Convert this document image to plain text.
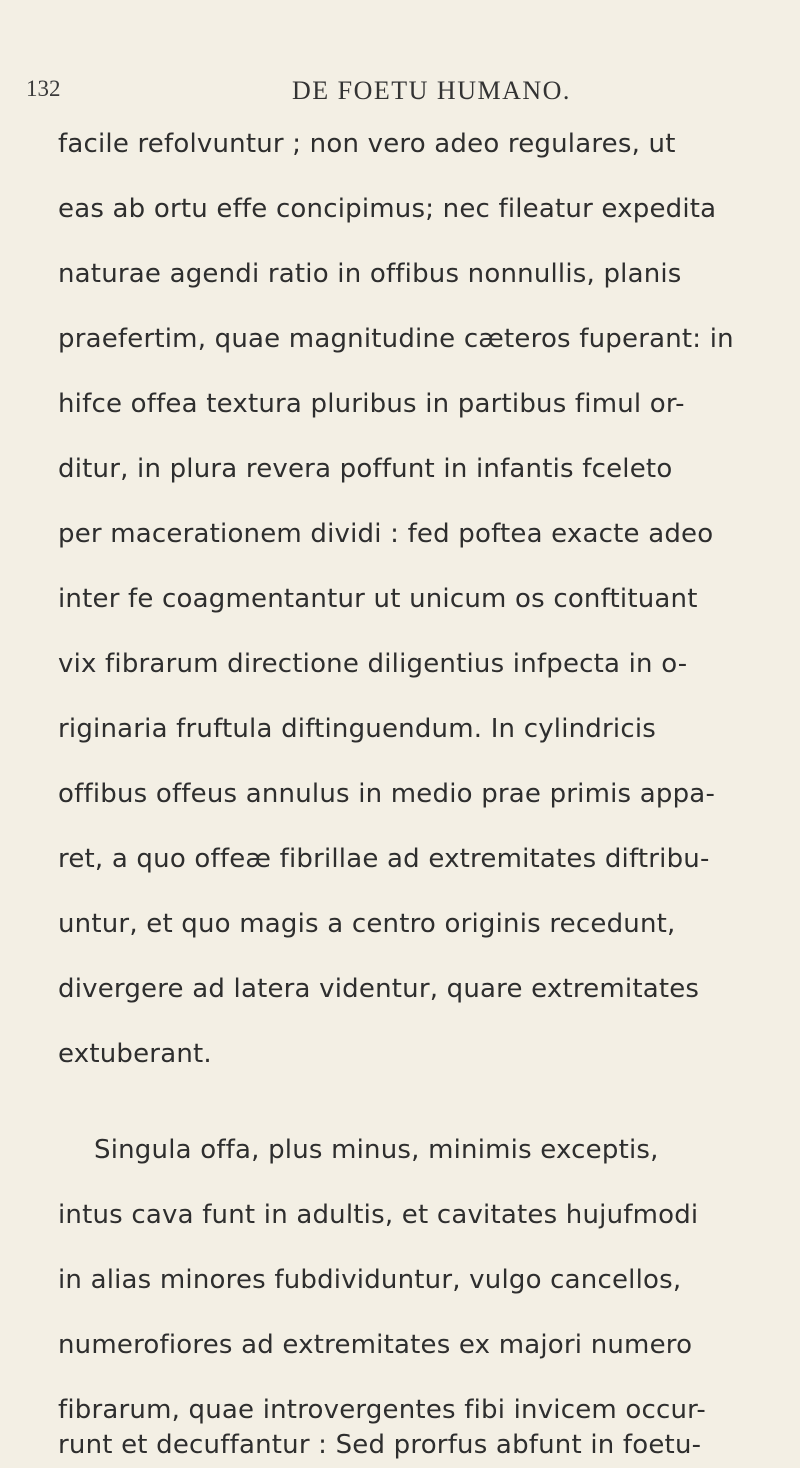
132	DE FOETU HUMANO.
facile refolvuntur ; non vero adeo regulares, ut
eas ab ortu effe concipimus; nec fileatur expedita
naturae agendi ratio in offibus nonnullis, planis
praefertim, quae magnitudine cæteros fuperant: in
hifce offea textura pluribus in partibus fimul or-
ditur, in plura revera poffunt in infantis fceleto
per macerationem dividi : fed poftea exacte adeo
inter fe coagmentantur ut unicum os conftituant
vix fibrarum directione diligentius infpecta in o-
riginaria fruftula diftinguendum. In cylindricis
offibus offeus annulus in medio prae primis appa-
ret, a quo offeæ fibrillae ad extremitates diftribu-
untur, et quo magis a centro originis recedunt,
divergere ad latera videntur, quare extremitates
extuberant.
Singula offa, plus minus, minimis exceptis,
intus cava funt in adultis, et cavitates hujufmodi
in alias minores fubdividuntur, vulgo cancellos,
numerofiores ad extremitates ex majori numero
fibrarum, quae introvergentes fibi invicem occur-
runt et decuffantur : Sed prorfus abfunt in foetu-
